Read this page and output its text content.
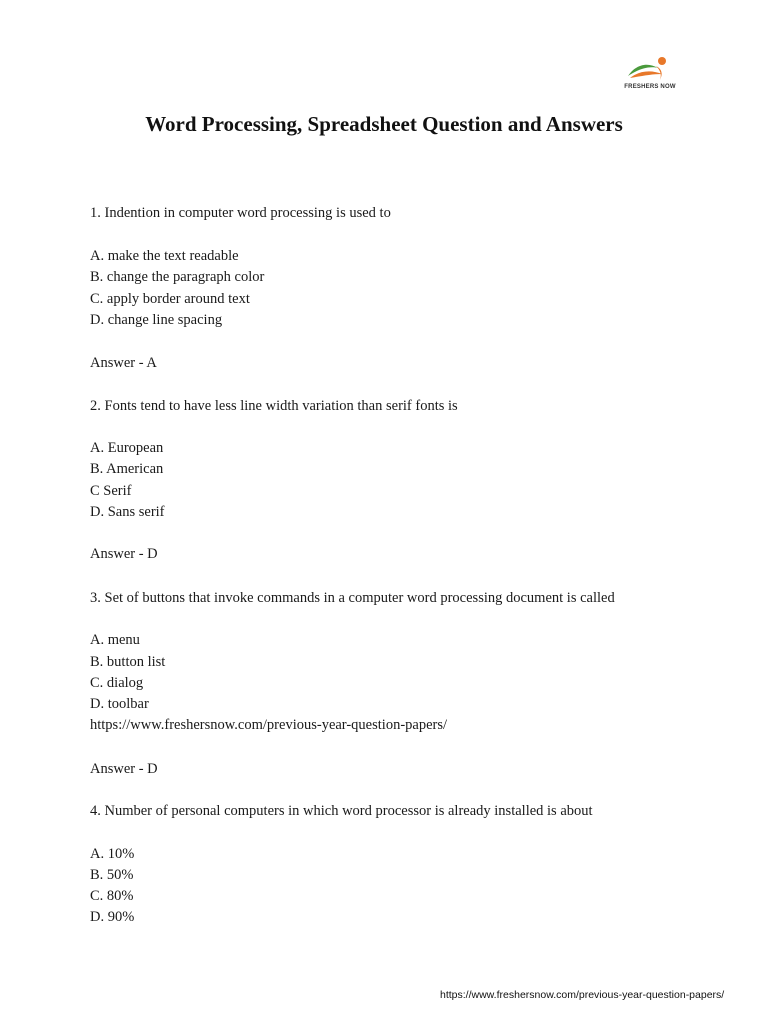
FRESHERS NOW
Word Processing, Spreadsheet Question and Answers
1. Indention in computer word processing is used to
A. make the text readable
B. change the paragraph color
C. apply border around text
D. change line spacing
Answer - A
2. Fonts tend to have less line width variation than serif fonts is
A. European
B. American
C Serif
D. Sans serif
Answer - D
3. Set of buttons that invoke commands in a computer word processing document is called
A. menu
B. button list
C. dialog
D. toolbar
https://www.freshersnow.com/previous-year-question-papers/
Answer - D
4. Number of personal computers in which word processor is already installed is about
A. 10%
B. 50%
C. 80%
D. 90%
https://www.freshersnow.com/previous-year-question-papers/
